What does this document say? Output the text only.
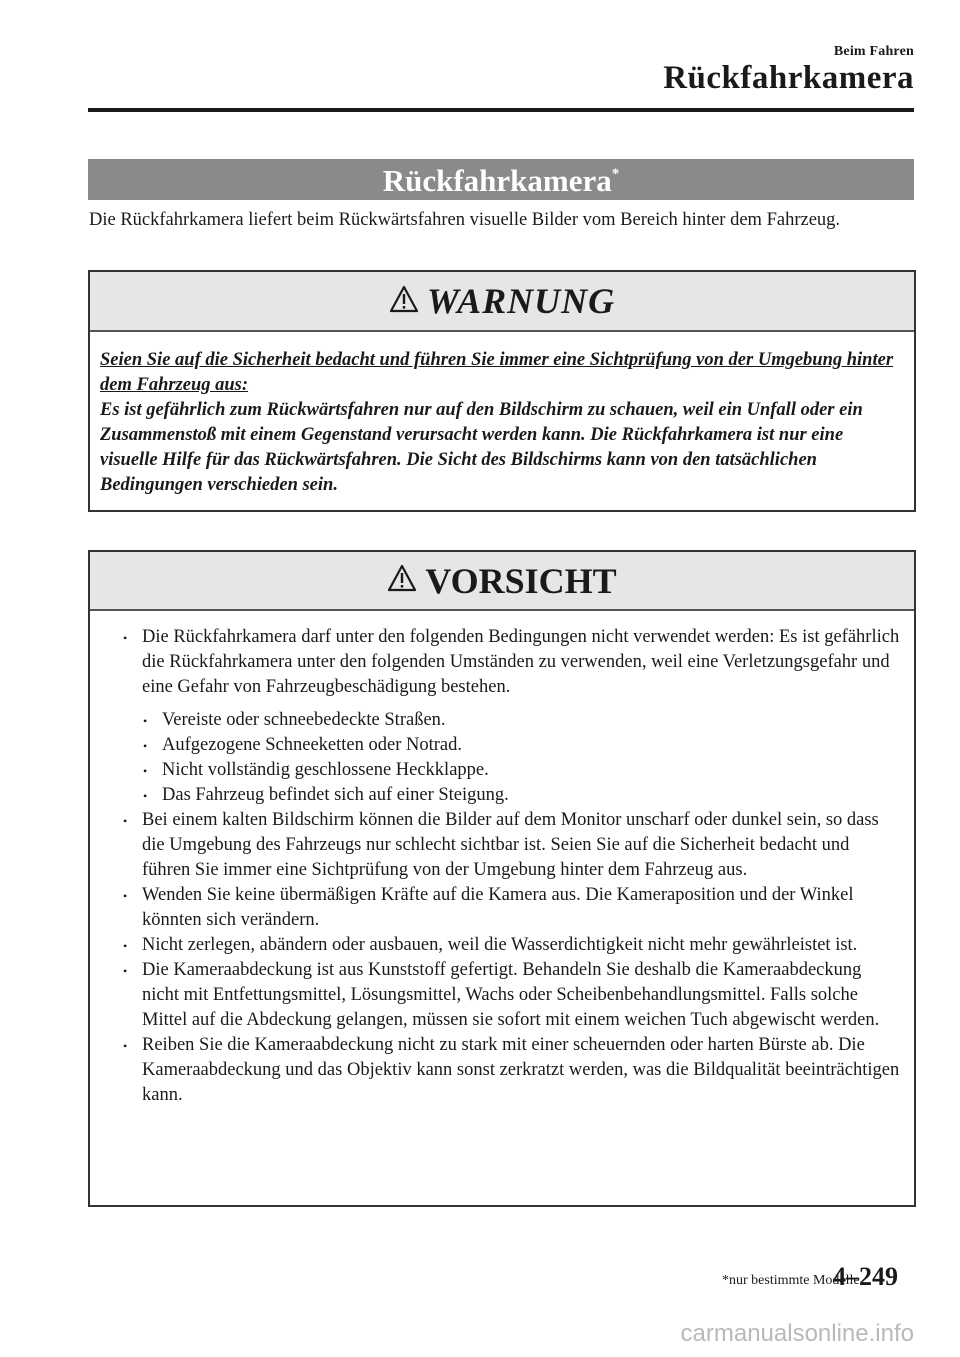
Beim Fahren
Rückfahrkamera
Rückfahrkamera*
Die Rückfahrkamera liefert beim Rückwärtsfahren visuelle Bilder vom Bereich hinter dem Fahrzeug.
WARNUNG
Seien Sie auf die Sicherheit bedacht und führen Sie immer eine Sichtprüfung von der Umgebung hinter dem Fahrzeug aus:
Es ist gefährlich zum Rückwärtsfahren nur auf den Bildschirm zu schauen, weil ein Unfall oder ein Zusammenstoß mit einem Gegenstand verursacht werden kann. Die Rückfahrkamera ist nur eine visuelle Hilfe für das Rückwärtsfahren. Die Sicht des Bildschirms kann von den tatsächlichen Bedingungen verschieden sein.
VORSICHT
• Die Rückfahrkamera darf unter den folgenden Bedingungen nicht verwendet werden: Es ist gefährlich die Rückfahrkamera unter den folgenden Umständen zu verwenden, weil eine Verletzungsgefahr und eine Gefahr von Fahrzeugbeschädigung bestehen.
• Vereiste oder schneebedeckte Straßen.
• Aufgezogene Schneeketten oder Notrad.
• Nicht vollständig geschlossene Heckklappe.
• Das Fahrzeug befindet sich auf einer Steigung.
• Bei einem kalten Bildschirm können die Bilder auf dem Monitor unscharf oder dunkel sein, so dass die Umgebung des Fahrzeugs nur schlecht sichtbar ist. Seien Sie auf die Sicherheit bedacht und führen Sie immer eine Sichtprüfung von der Umgebung hinter dem Fahrzeug aus.
• Wenden Sie keine übermäßigen Kräfte auf die Kamera aus. Die Kameraposition und der Winkel könnten sich verändern.
• Nicht zerlegen, abändern oder ausbauen, weil die Wasserdichtigkeit nicht mehr gewährleistet ist.
• Die Kameraabdeckung ist aus Kunststoff gefertigt. Behandeln Sie deshalb die Kameraabdeckung nicht mit Entfettungsmittel, Lösungsmittel, Wachs oder Scheibenbehandlungsmittel. Falls solche Mittel auf die Abdeckung gelangen, müssen sie sofort mit einem weichen Tuch abgewischt werden.
• Reiben Sie die Kameraabdeckung nicht zu stark mit einer scheuernden oder harten Bürste ab. Die Kameraabdeckung und das Objektiv kann sonst zerkratzt werden, was die Bildqualität beeinträchtigen kann.
*nur bestimmte Modelle
4–249
carmanualsonline.info
